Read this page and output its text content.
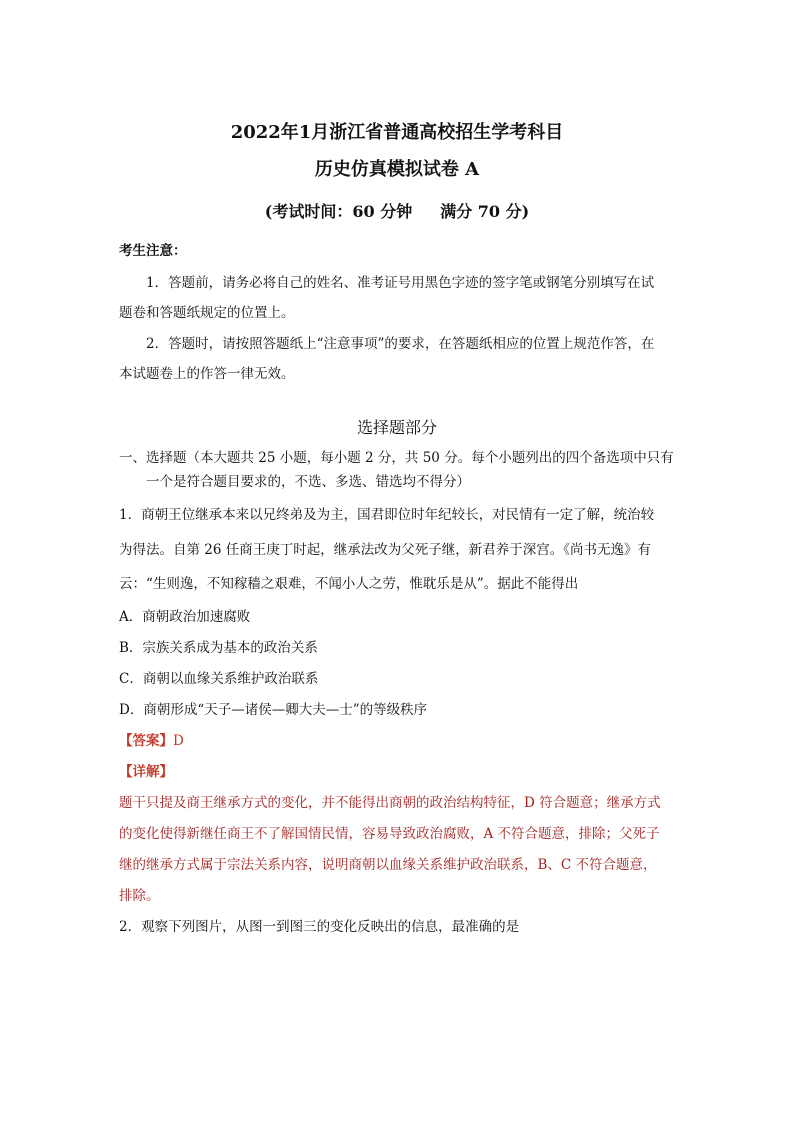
2022年1月浙江省普通高校招生学考科目
历史仿真模拟试卷 A
(考试时间：60 分钟 满分 70 分)
考生注意：
1．答题前，请务必将自己的姓名、准考证号用黑色字迹的签字笔或钢笔分别填写在试
题卷和答题纸规定的位置上。
2．答题时，请按照答题纸上“注意事项”的要求，在答题纸相应的位置上规范作答，在
本试题卷上的作答一律无效。
选择题部分
一、选择题（本大题共 25 小题，每小题 2 分，共 50 分。每个小题列出的四个备选项中只有
一个是符合题目要求的，不选、多选、错选均不得分）
1．商朝王位继承本来以兄终弟及为主，国君即位时年纪较长，对民情有一定了解，统治较
为得法。自第 26 任商王庚丁时起，继承法改为父死子继，新君养于深宫。《尚书无逸》有
云：“生则逸，不知稼穑之艰难，不闻小人之劳，惟耽乐是从”。据此不能得出
A．商朝政治加速腐败
B．宗族关系成为基本的政治关系
C．商朝以血缘关系维护政治联系
D．商朝形成“天子—诸侯—卿大夫—士”的等级秩序
【答案】D
【详解】
题干只提及商王继承方式的变化，并不能得出商朝的政治结构特征，D 符合题意；继承方式
的变化使得新继任商王不了解国情民情，容易导致政治腐败，A 不符合题意，排除；父死子
继的继承方式属于宗法关系内容，说明商朝以血缘关系维护政治联系，B、C 不符合题意，
排除。
2．观察下列图片，从图一到图三的变化反映出的信息，最准确的是
